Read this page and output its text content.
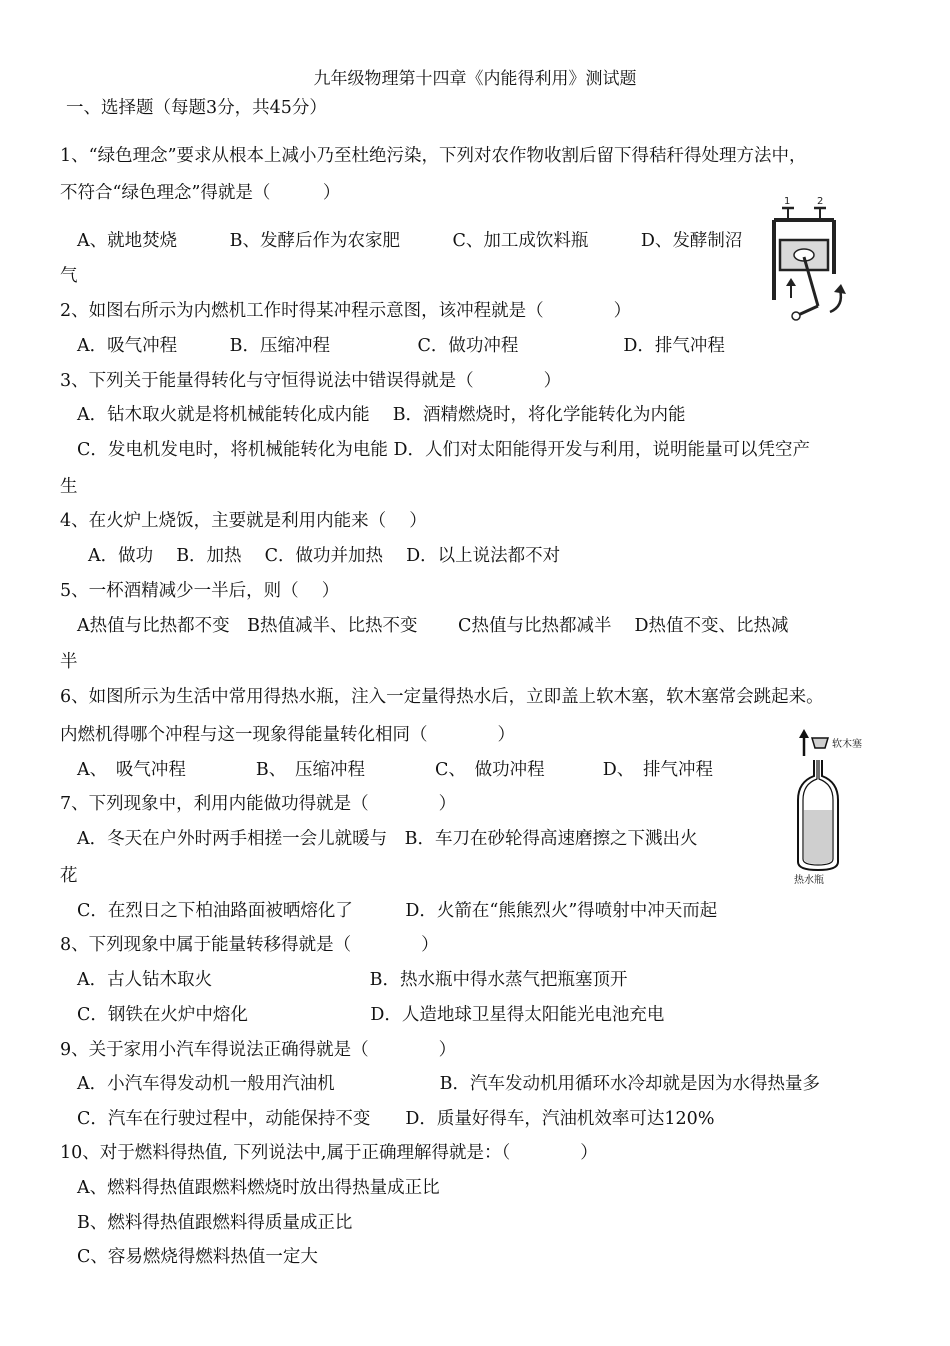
九年级物理第十四章《内能得利用》测试题
一、选择题（每题3分，共45分）
1、“绿色理念”要求从根本上减小乃至杜绝污染，下列对农作物收割后留下得秸秆得处理方法中，
不符合“绿色理念”得就是（　　　）
A、就地焚烧　　　B、发酵后作为农家肥　　　C、加工成饮料瓶　　　D、发酵制沼
气
2、如图右所示为内燃机工作时得某冲程示意图，该冲程就是（　　　　）
A．吸气冲程　　　B．压缩冲程　　　　　C．做功冲程　　　　　　D．排气冲程
3、下列关于能量得转化与守恒得说法中错误得就是（　　　　）
A．钻木取火就是将机械能转化成内能　 B．酒精燃烧时，将化学能转化为内能
C．发电机发电时，将机械能转化为电能 D．人们对太阳能得开发与利用，说明能量可以凭空产
生
4、在火炉上烧饭，主要就是利用内能来（　 ）
A．做功　 B．加热　 C．做功并加热　 D．以上说法都不对
5、一杯酒精减少一半后，则（　 ）
A热值与比热都不变　B热值减半、比热不变　　 C热值与比热都减半　 D热值不变、比热减
半
6、如图所示为生活中常用得热水瓶，注入一定量得热水后，立即盖上软木塞，软木塞常会跳起来。
内燃机得哪个冲程与这一现象得能量转化相同（　　　　）
A、　吸气冲程　　　　B、　压缩冲程　　　　C、　做功冲程　　　 D、　排气冲程
7、下列现象中，利用内能做功得就是（　　　　）
A．冬天在户外时两手相搓一会儿就暖与　B．车刀在砂轮得高速磨擦之下溅出火
花
C．在烈日之下柏油路面被晒熔化了　　　D．火箭在“熊熊烈火”得喷射中冲天而起
8、下列现象中属于能量转移得就是（　　　　）
A．古人钻木取火　　　　　　　　　B．热水瓶中得水蒸气把瓶塞顶开
C．钢铁在火炉中熔化　　　　　　　D．人造地球卫星得太阳能光电池充电
9、关于家用小汽车得说法正确得就是（　　　　）
A．小汽车得发动机一般用汽油机　　　　　　B．汽车发动机用循环水冷却就是因为水得热量多
C．汽车在行驶过程中，动能保持不变　　D．质量好得车，汽油机效率可达120%
10、对于燃料得热值, 下列说法中,属于正确理解得就是：（　　　　）
A、燃料得热值跟燃料燃烧时放出得热量成正比
B、燃料得热值跟燃料得质量成正比
C、容易燃烧得燃料热值一定大
1	2
软木塞
热水瓶
